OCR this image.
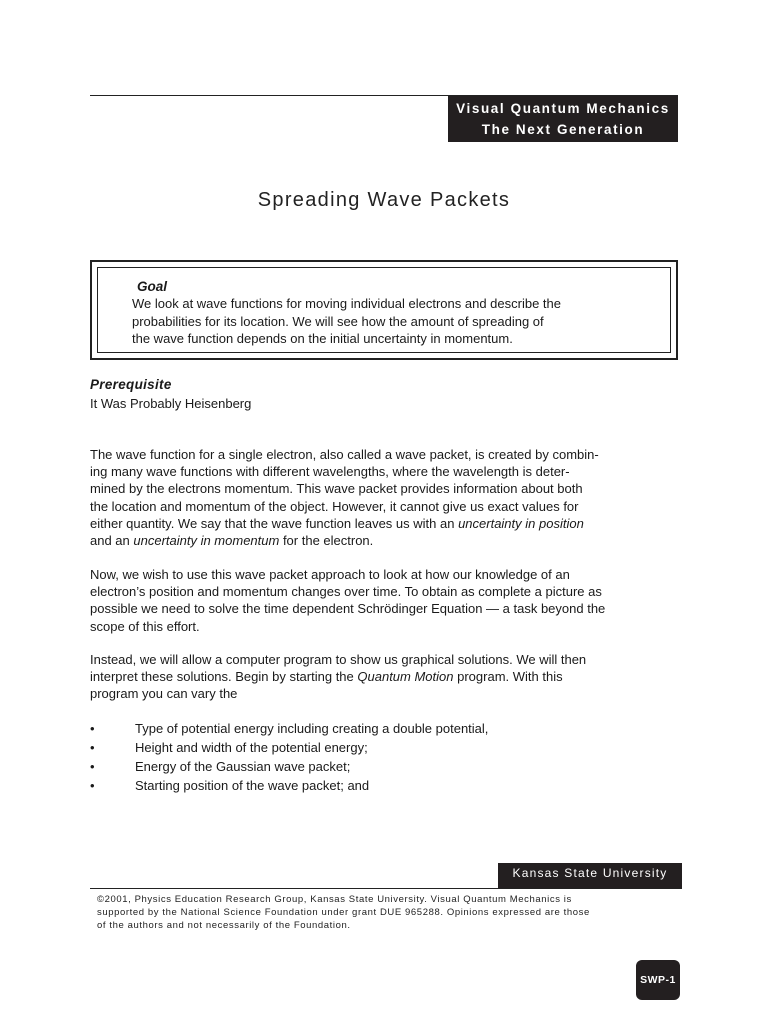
Visual Quantum Mechanics
The Next Generation
Spreading Wave Packets
Goal
We look at wave functions for moving individual electrons and describe the
probabilities for its location. We will see how the amount of spreading of
the wave function depends on the initial uncertainty in momentum.
Prerequisite
It Was Probably Heisenberg
The wave function for a single electron, also called a wave packet, is created by combin-
ing many wave functions with different wavelengths, where the wavelength is deter-
mined by the electrons momentum. This wave packet provides information about both
the location and momentum of the object. However, it cannot give us exact values for
either quantity. We say that the wave function leaves us with an uncertainty in position
and an uncertainty in momentum for the electron.
Now, we wish to use this wave packet approach to look at how our knowledge of an
electron’s position and momentum changes over time. To obtain as complete a picture as
possible we need to solve the time dependent Schrödinger Equation — a task beyond the
scope of this effort.
Instead, we will allow a computer program to show us graphical solutions. We will then
interpret these solutions. Begin by starting the Quantum Motion program. With this
program you can vary the
•	Type of potential energy including creating a double potential,
•	Height and width of the potential energy;
•	Energy of the Gaussian wave packet;
•	Starting position of the wave packet; and
Kansas State University
©2001, Physics Education Research Group, Kansas State University. Visual Quantum Mechanics is
supported by the National Science Foundation under grant DUE 965288. Opinions expressed are those
of the authors and not necessarily of the Foundation.
SWP-1
